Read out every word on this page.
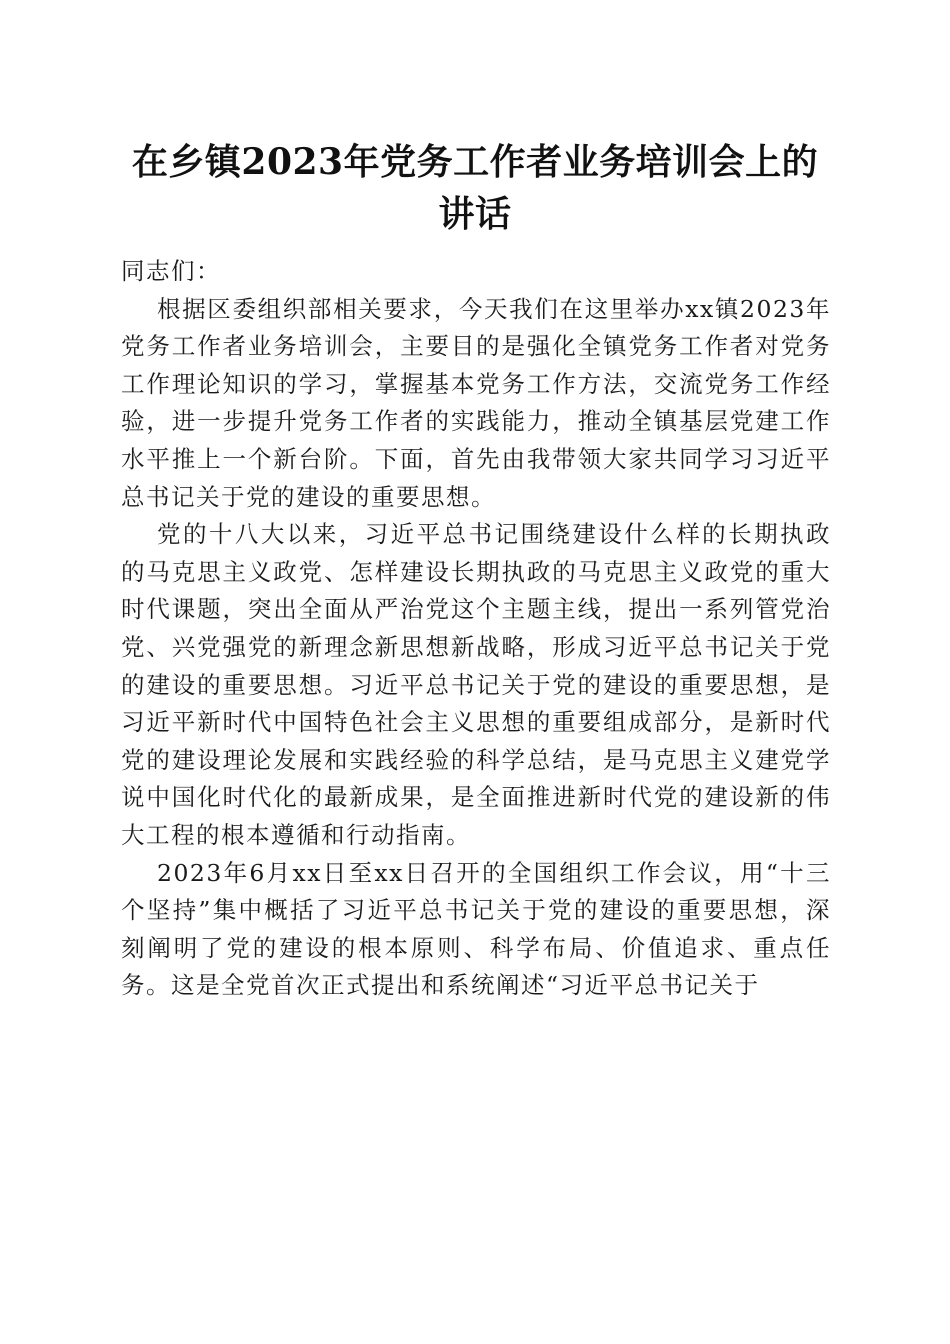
在乡镇2023年党务工作者业务培训会上的讲话

同志们：

根据区委组织部相关要求，今天我们在这里举办xx镇2023年党务工作者业务培训会，主要目的是强化全镇党务工作者对党务工作理论知识的学习，掌握基本党务工作方法，交流党务工作经验，进一步提升党务工作者的实践能力，推动全镇基层党建工作水平推上一个新台阶。下面，首先由我带领大家共同学习习近平总书记关于党的建设的重要思想。

党的十八大以来，习近平总书记围绕建设什么样的长期执政的马克思主义政党、怎样建设长期执政的马克思主义政党的重大时代课题，突出全面从严治党这个主题主线，提出一系列管党治党、兴党强党的新理念新思想新战略，形成习近平总书记关于党的建设的重要思想。习近平总书记关于党的建设的重要思想，是习近平新时代中国特色社会主义思想的重要组成部分，是新时代党的建设理论发展和实践经验的科学总结，是马克思主义建党学说中国化时代化的最新成果，是全面推进新时代党的建设新的伟大工程的根本遵循和行动指南。

2023年6月xx日至xx日召开的全国组织工作会议，用“十三个坚持”集中概括了习近平总书记关于党的建设的重要思想，深刻阐明了党的建设的根本原则、科学布局、价值追求、重点任务。这是全党首次正式提出和系统阐述“习近平总书记关于
